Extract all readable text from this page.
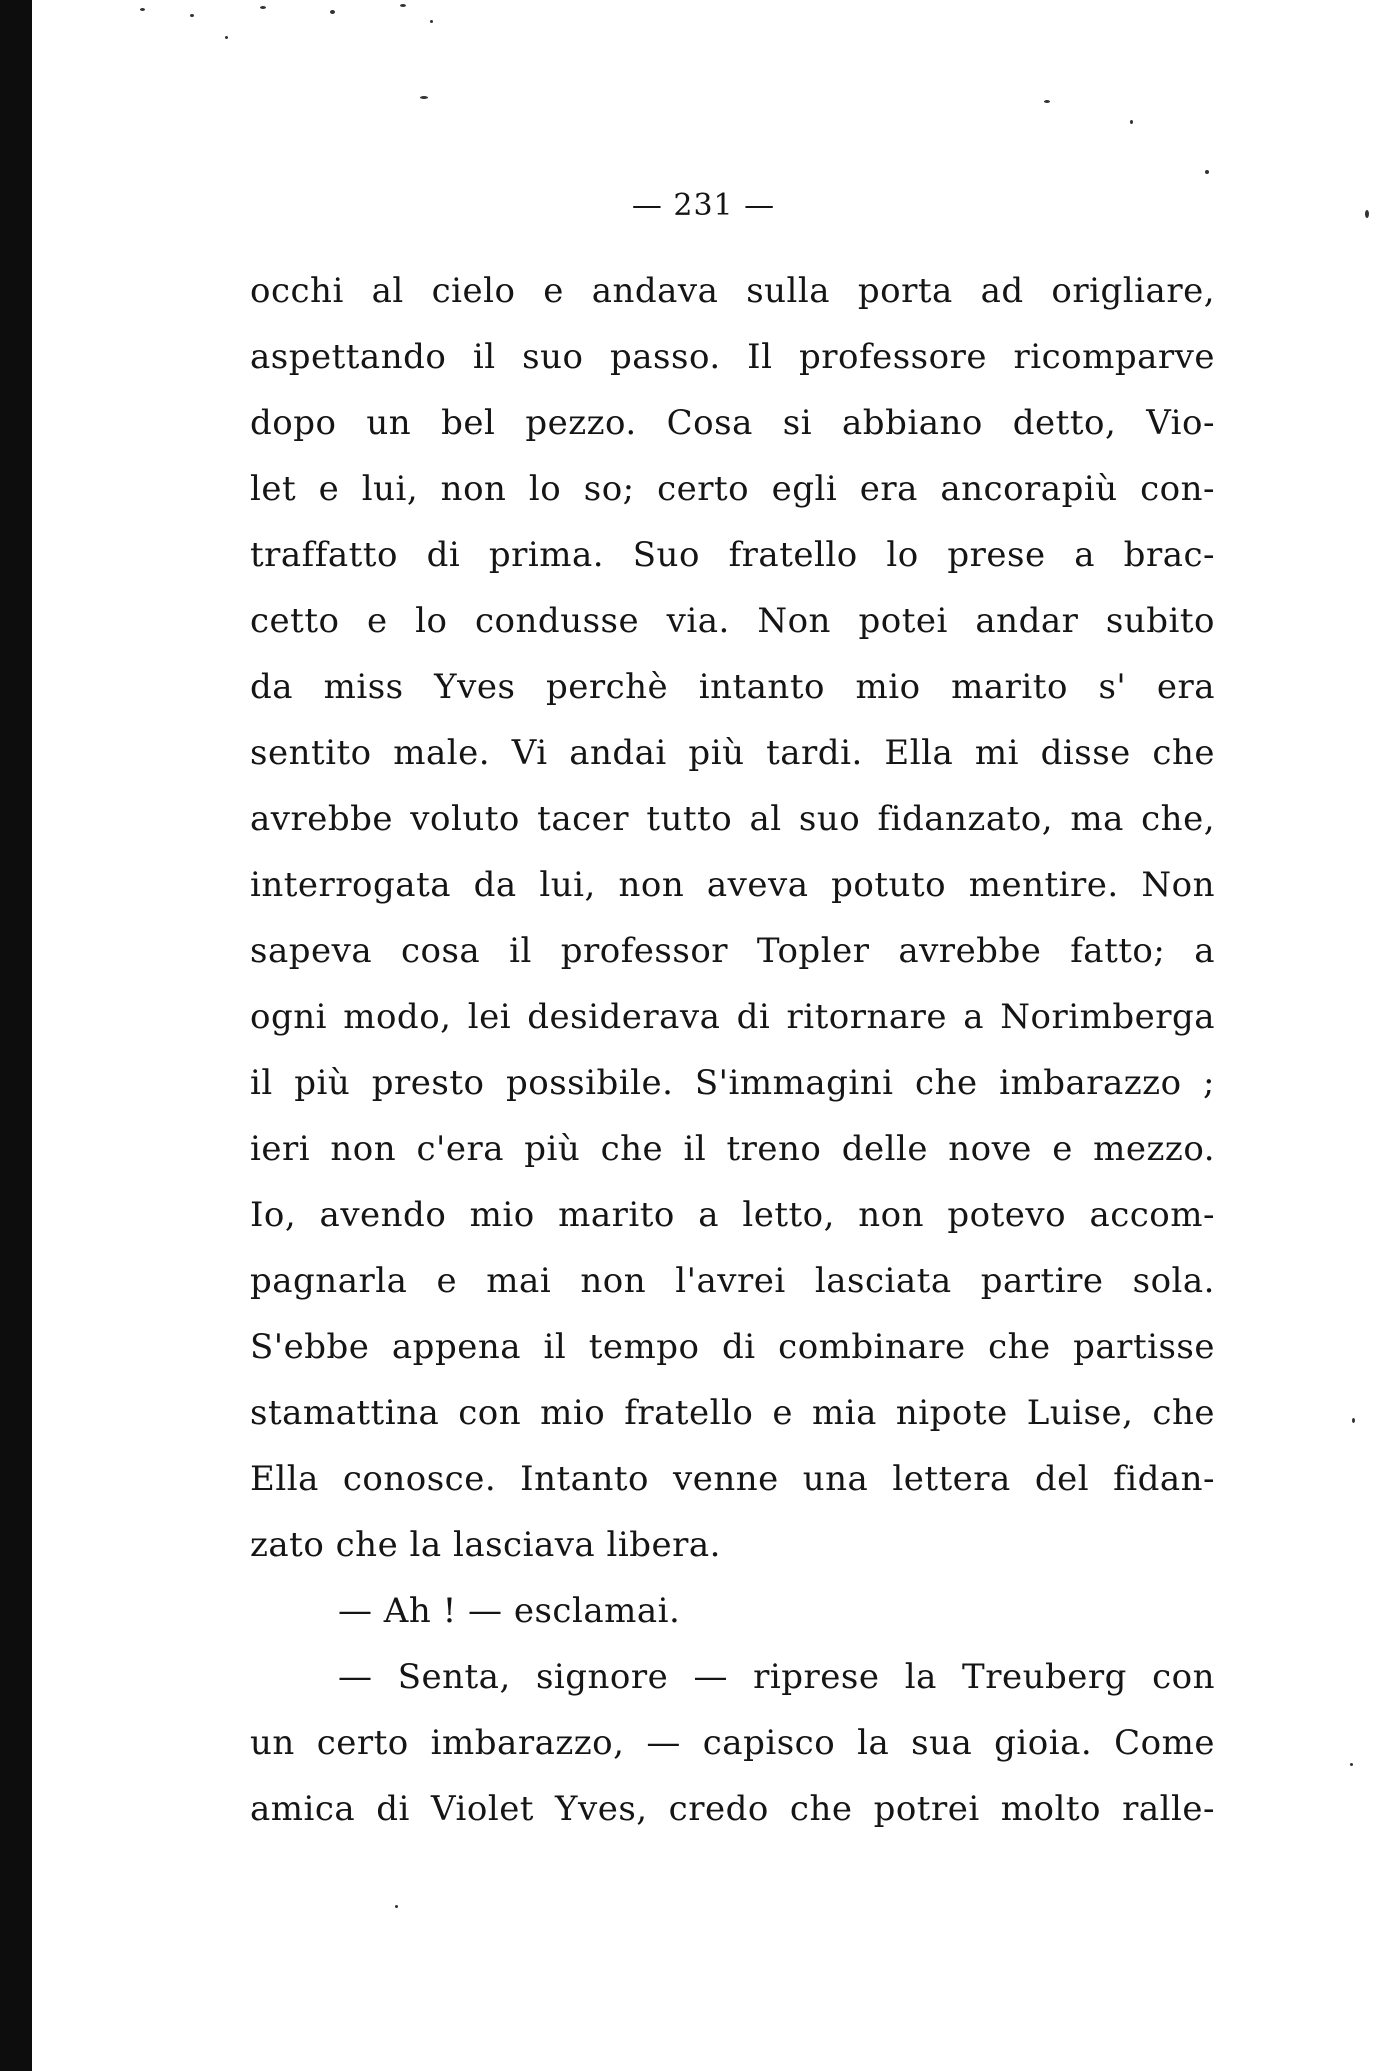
— 231 —
occhi al cielo e andava sulla porta ad origliare,
aspettando il suo passo. Il professore ricomparve
dopo un bel pezzo. Cosa si abbiano detto, Vio-
let e lui, non lo so; certo egli era ancorapiù con-
traffatto di prima. Suo fratello lo prese a brac-
cetto e lo condusse via. Non potei andar subito
da miss Yves perchè intanto mio marito s' era
sentito male. Vi andai più tardi. Ella mi disse che
avrebbe voluto tacer tutto al suo fidanzato, ma che,
interrogata da lui, non aveva potuto mentire. Non
sapeva cosa il professor Topler avrebbe fatto; a
ogni modo, lei desiderava di ritornare a Norimberga
il più presto possibile. S'immagini che imbarazzo ;
ieri non c'era più che il treno delle nove e mezzo.
Io, avendo mio marito a letto, non potevo accom-
pagnarla e mai non l'avrei lasciata partire sola.
S'ebbe appena il tempo di combinare che partisse
stamattina con mio fratello e mia nipote Luise, che
Ella conosce. Intanto venne una lettera del fidan-
zato che la lasciava libera.
— Ah ! — esclamai.
— Senta, signore — riprese la Treuberg con
un certo imbarazzo, — capisco la sua gioia. Come
amica di Violet Yves, credo che potrei molto ralle-
